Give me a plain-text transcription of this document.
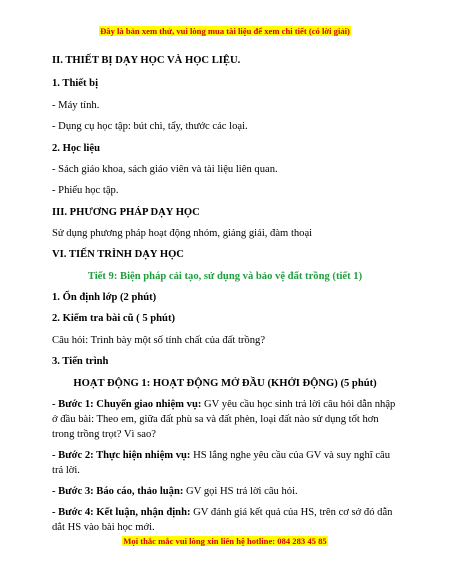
Đây là bản xem thử, vui lòng mua tài liệu để xem chi tiết (có lời giải)
II. THIẾT BỊ DẠY HỌC VÀ HỌC LIỆU.
1. Thiết bị
- Máy tính.
- Dụng cụ học tập: bút chì, tẩy, thước các loại.
2. Học liệu
- Sách giáo khoa, sách giáo viên và tài liệu liên quan.
- Phiếu học tập.
III. PHƯƠNG PHÁP DẠY HỌC
Sử dụng phương pháp hoạt động nhóm, giảng giải, đàm thoại
VI. TIẾN TRÌNH DẠY HỌC
Tiết 9: Biện pháp cải tạo, sử dụng và bảo vệ đất trồng (tiết 1)
1. Ổn định lớp (2 phút)
2. Kiểm tra bài cũ ( 5 phút)
Câu hỏi: Trình bày một số tính chất của đất trồng?
3. Tiến trình
HOẠT ĐỘNG 1: HOẠT ĐỘNG MỞ ĐẦU (KHỞI ĐỘNG) (5 phút)
- Bước 1: Chuyển giao nhiệm vụ: GV yêu cầu học sinh trả lời câu hỏi dẫn nhập ở đầu bài: Theo em, giữa đất phù sa và đất phèn, loại đất nào sử dụng tốt hơn trong trồng trọt? Vì sao?
- Bước 2: Thực hiện nhiệm vụ: HS lắng nghe yêu cầu của GV và suy nghĩ câu trả lời.
- Bước 3: Báo cáo, thảo luận: GV gọi HS trả lời câu hỏi.
- Bước 4: Kết luận, nhận định: GV đánh giá kết quả của HS, trên cơ sở đó dẫn dắt HS vào bài học mới.
Mọi thắc mắc vui lòng xin liên hệ hotline: 084 283 45 85
